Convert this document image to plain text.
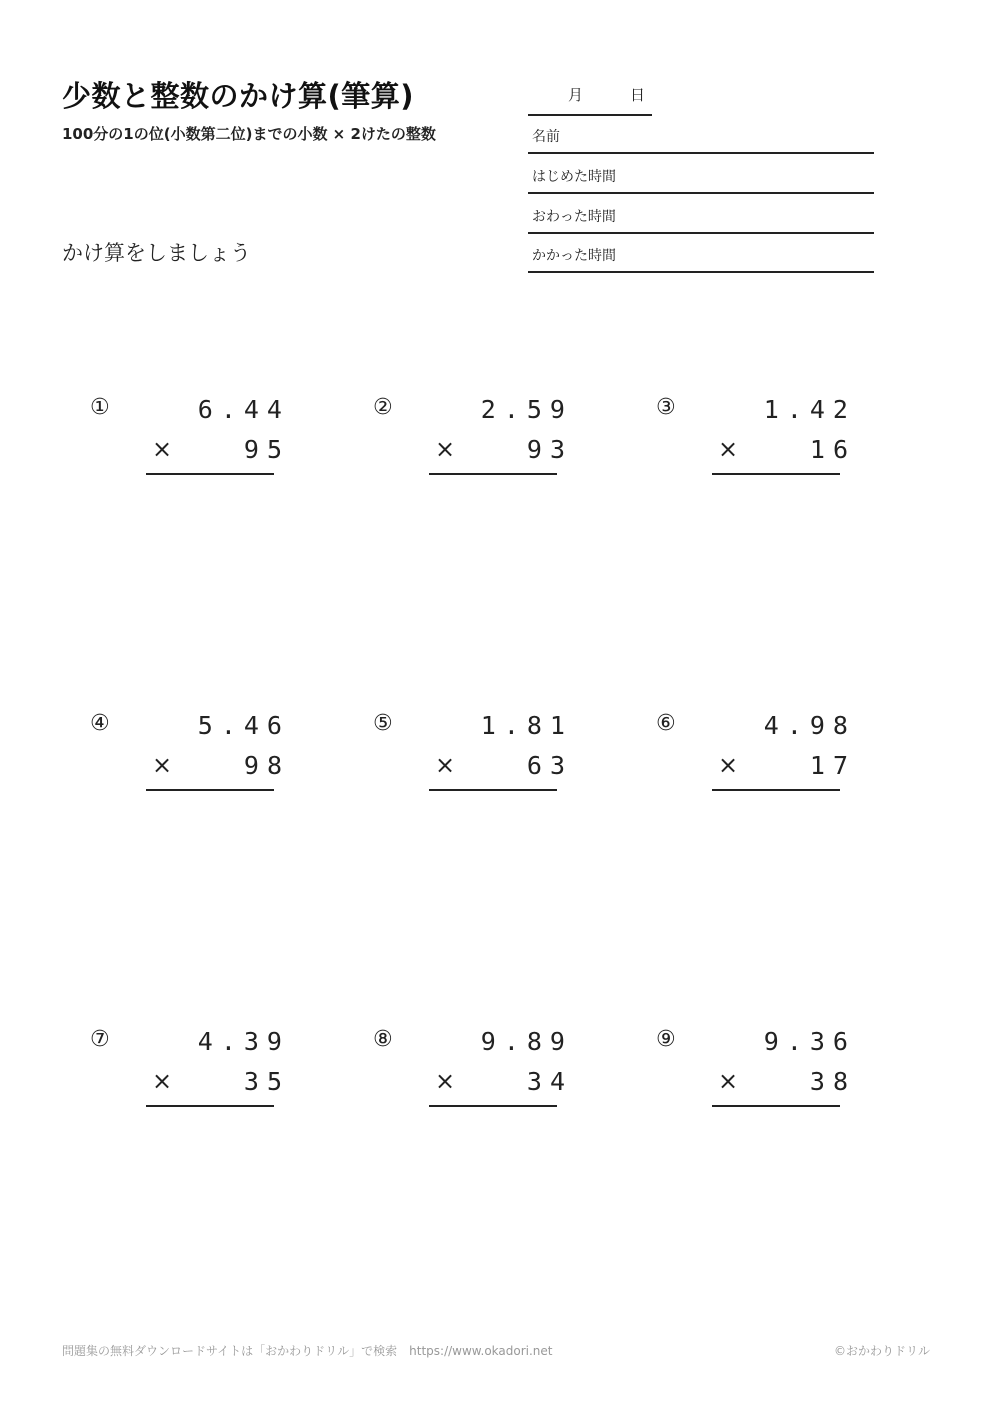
少数と整数のかけ算(筆算)
100分の1の位(小数第二位)までの小数 × 2けたの整数
かけ算をしましょう
月	日
名前
はじめた時間
おわった時間
かかった時間
①	6.44
×	95
②	2.59
×	93
③	1.42
×	16
④	5.46
×	98
⑤	1.81
×	63
⑥	4.98
×	17
⑦	4.39
×	35
⑧	9.89
×	34
⑨	9.36
×	38
問題集の無料ダウンロードサイトは「おかわりドリル」で検索　https://www.okadori.net	©おかわりドリル
